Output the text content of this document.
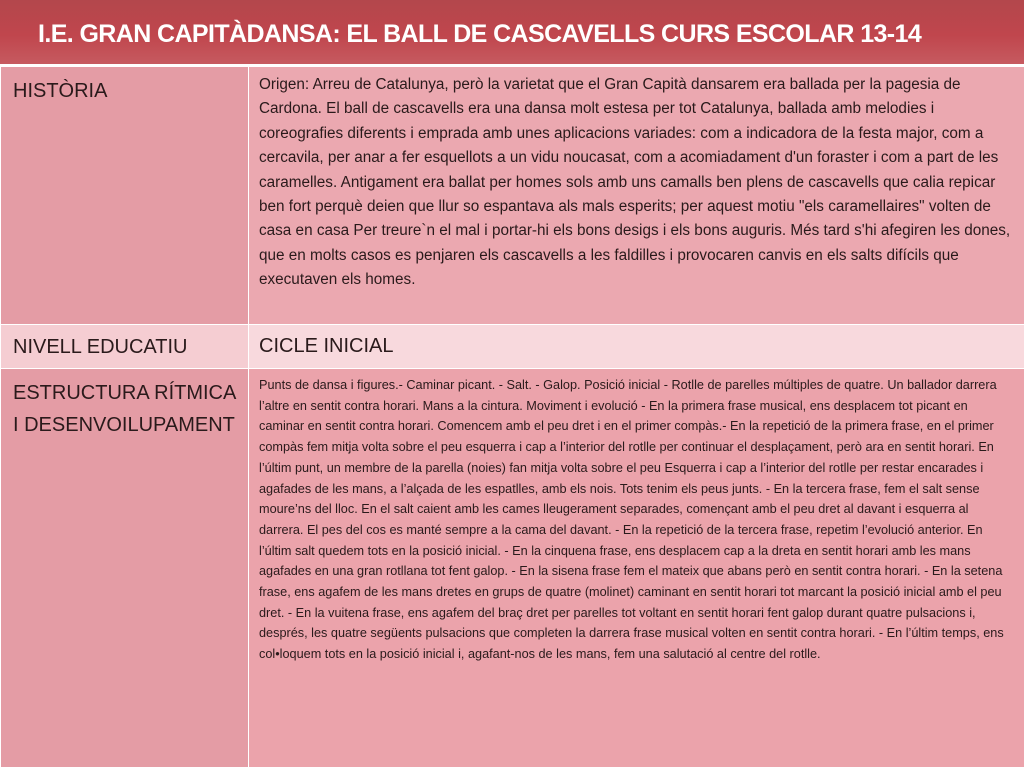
I.E. GRAN CAPITÀDANSA: EL BALL DE CASCAVELLS CURS ESCOLAR 13-14
HISTÒRIA	Origen: Arreu de Catalunya, però la varietat que el Gran Capità dansarem era ballada per la pagesia de Cardona. El ball de cascavells era una dansa molt estesa per tot Catalunya, ballada amb melodies i coreografies diferents i emprada amb unes aplicacions variades: com a indicadora de la festa major, com a cercavila, per anar a fer esquellots a un vidu noucasat, com a acomiadament d'un foraster i com a part de les caramelles. Antigament era ballat per homes sols amb uns camalls ben plens de cascavells que calia repicar ben fort perquè deien que llur so espantava als mals esperits; per aquest motiu "els caramellaires" volten de casa en casa Per treure`n el mal i portar-hi els bons desigs i els bons auguris. Més tard s'hi afegiren les dones, que en molts casos es penjaren els cascavells a les faldilles i provocaren canvis en els salts difícils que executaven els homes.

NIVELL EDUCATIU	CICLE INICIAL

ESTRUCTURA RÍTMICA I DESENVOILUPAMENT	Punts de dansa i figures.- Caminar picant. - Salt. - Galop. Posició inicial - Rotlle de parelles múltiples de quatre. Un ballador darrera l’altre en sentit contra horari. Mans a la cintura. Moviment i evolució - En la primera frase musical, ens desplacem tot picant en caminar en sentit contra horari. Comencem amb el peu dret i en el primer compàs.- En la repetició de la primera frase, en el primer compàs fem mitja volta sobre el peu esquerra i cap a l’interior del rotlle per continuar el desplaçament, però ara en sentit horari. En l’últim punt, un membre de la parella (noies) fan mitja volta sobre el peu Esquerra i cap a l’interior del rotlle per restar encarades i agafades de les mans, a l’alçada de les espatlles, amb els nois. Tots tenim els peus junts. - En la tercera frase, fem el salt sense moure’ns del lloc. En el salt caient amb les cames lleugerament separades, començant amb el peu dret al davant i esquerra al darrera. El pes del cos es manté sempre a la cama del davant. - En la repetició de la tercera frase, repetim l’evolució anterior. En l’últim salt quedem tots en la posició inicial. - En la cinquena frase, ens desplacem cap a la dreta en sentit horari amb les mans agafades en una gran rotllana tot fent galop. - En la sisena frase fem el mateix que abans però en sentit contra horari. - En la setena frase, ens agafem de les mans dretes en grups de quatre (molinet) caminant en sentit horari tot marcant la posició inicial amb el peu dret. - En la vuitena frase, ens agafem del braç dret per parelles tot voltant en sentit horari fent galop durant quatre pulsacions i, després, les quatre següents pulsacions que completen la darrera frase musical volten en sentit contra horari. - En l’últim temps, ens col•loquem tots en la posició inicial i, agafant-nos de les mans, fem una salutació al centre del rotlle.
